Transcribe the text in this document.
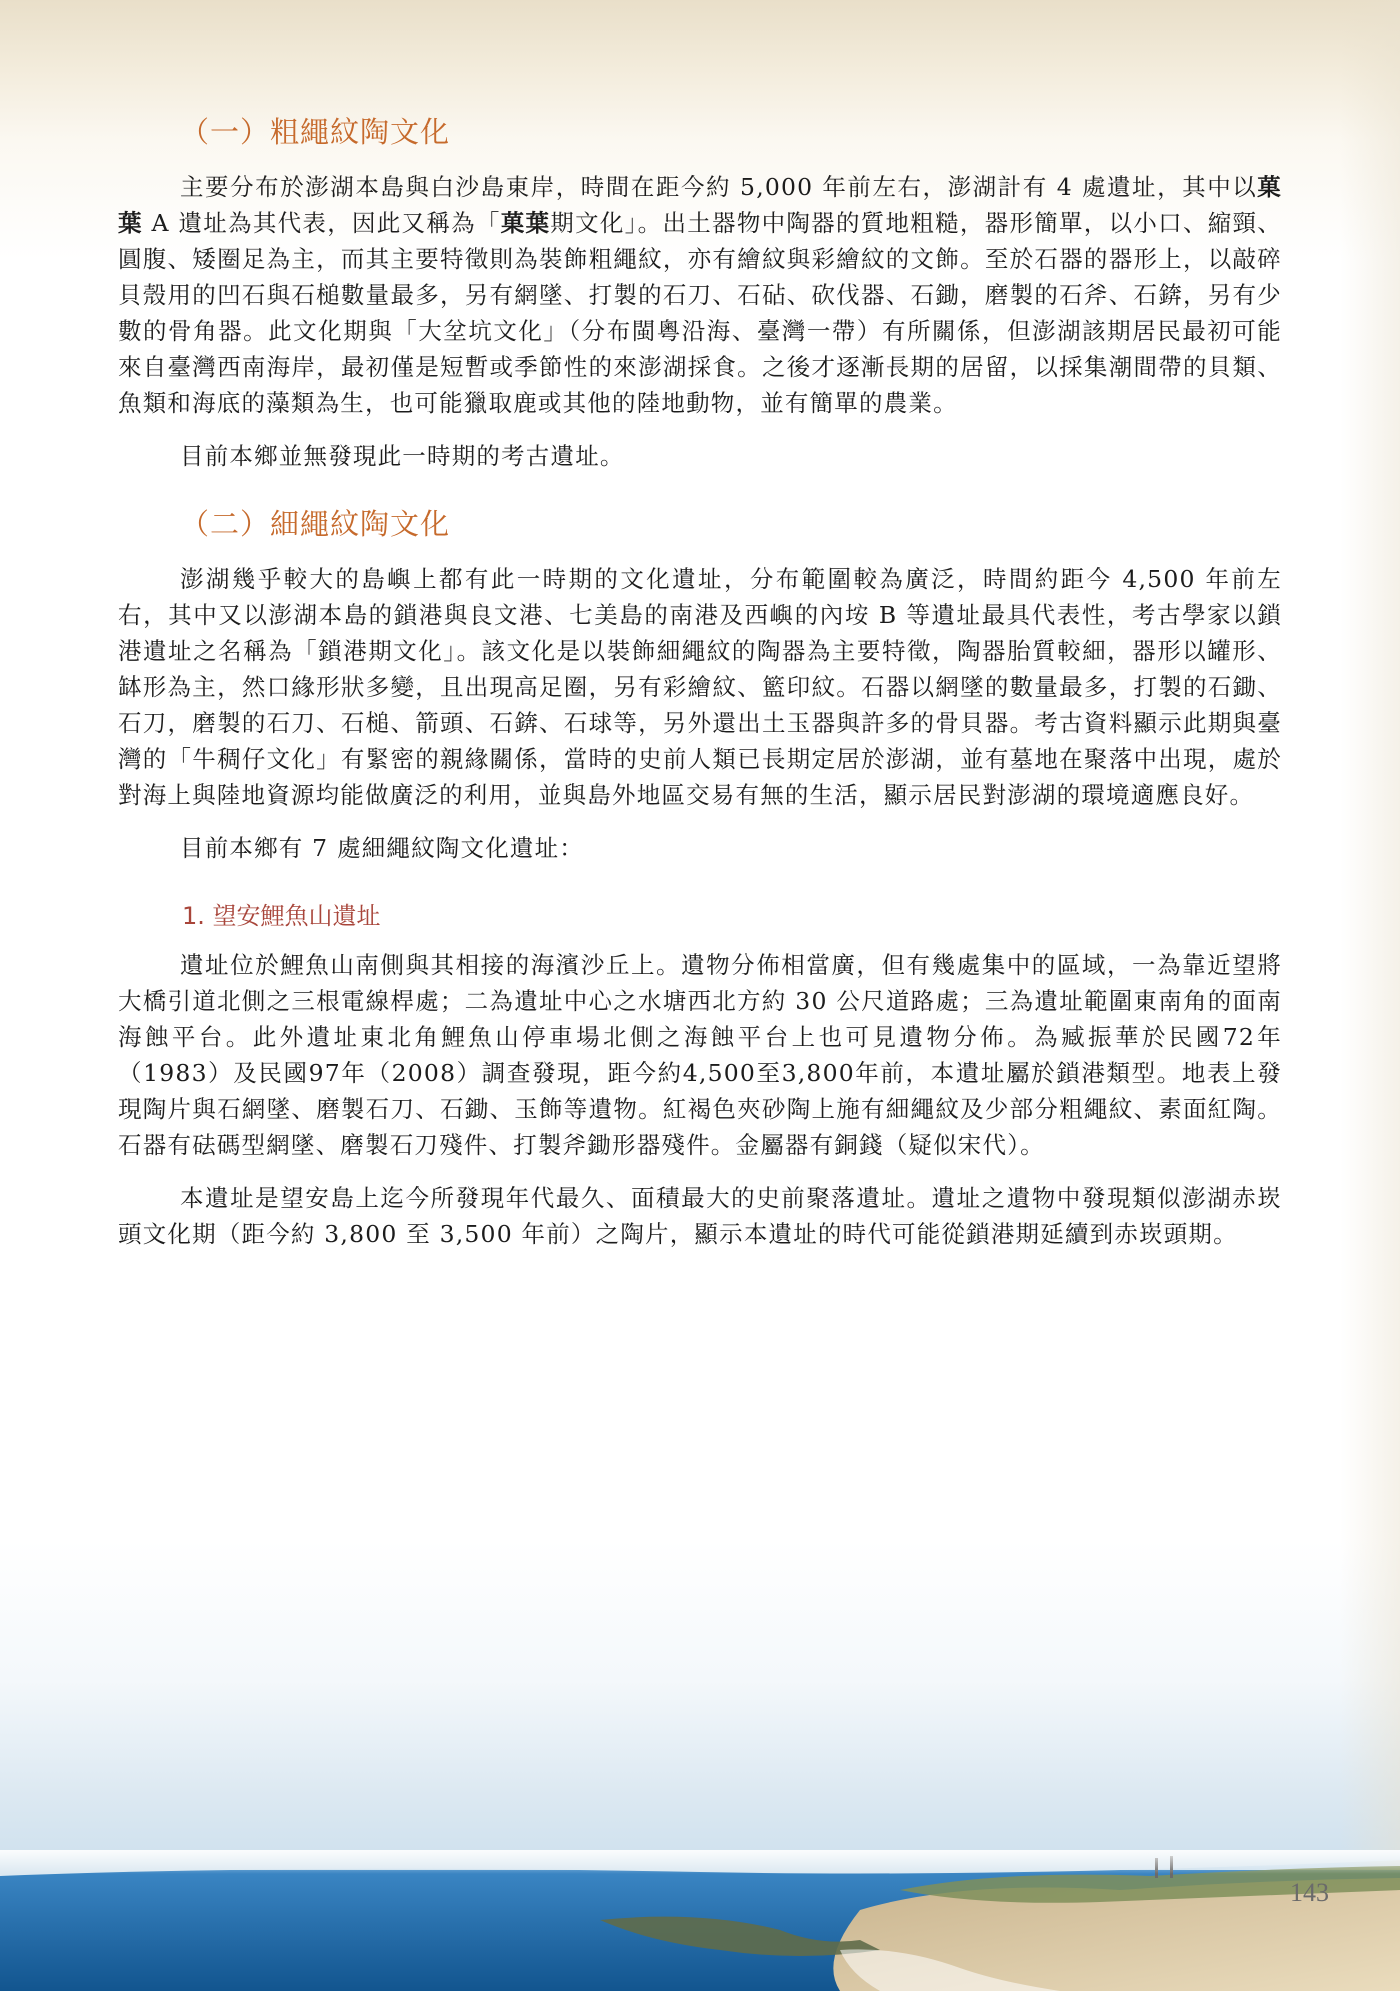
（一）粗繩紋陶文化

主要分布於澎湖本島與白沙島東岸，時間在距今約 5,000 年前左右，澎湖計有 4 處遺址，其中以菓葉 A 遺址為其代表，因此又稱為「菓葉期文化」。出土器物中陶器的質地粗糙，器形簡單，以小口、縮頸、圓腹、矮圈足為主，而其主要特徵則為裝飾粗繩紋，亦有繪紋與彩繪紋的文飾。至於石器的器形上，以敲碎貝殼用的凹石與石槌數量最多，另有網墜、打製的石刀、石砧、砍伐器、石鋤，磨製的石斧、石錛，另有少數的骨角器。此文化期與「大坌坑文化」（分布閩粵沿海、臺灣一帶）有所關係，但澎湖該期居民最初可能來自臺灣西南海岸，最初僅是短暫或季節性的來澎湖採食。之後才逐漸長期的居留，以採集潮間帶的貝類、魚類和海底的藻類為生，也可能獵取鹿或其他的陸地動物，並有簡單的農業。

目前本鄉並無發現此一時期的考古遺址。

（二）細繩紋陶文化

澎湖幾乎較大的島嶼上都有此一時期的文化遺址，分布範圍較為廣泛，時間約距今 4,500 年前左右，其中又以澎湖本島的鎖港與良文港、七美島的南港及西嶼的內垵 B 等遺址最具代表性，考古學家以鎖港遺址之名稱為「鎖港期文化」。該文化是以裝飾細繩紋的陶器為主要特徵，陶器胎質較細，器形以罐形、缽形為主，然口緣形狀多變，且出現高足圈，另有彩繪紋、籃印紋。石器以網墜的數量最多，打製的石鋤、石刀，磨製的石刀、石槌、箭頭、石錛、石球等，另外還出土玉器與許多的骨貝器。考古資料顯示此期與臺灣的「牛稠仔文化」有緊密的親緣關係，當時的史前人類已長期定居於澎湖，並有墓地在聚落中出現，處於對海上與陸地資源均能做廣泛的利用，並與島外地區交易有無的生活，顯示居民對澎湖的環境適應良好。

目前本鄉有 7 處細繩紋陶文化遺址：

1. 望安鯉魚山遺址

遺址位於鯉魚山南側與其相接的海濱沙丘上。遺物分佈相當廣，但有幾處集中的區域，一為靠近望將大橋引道北側之三根電線桿處；二為遺址中心之水塘西北方約 30 公尺道路處；三為遺址範圍東南角的面南海蝕平台。此外遺址東北角鯉魚山停車場北側之海蝕平台上也可見遺物分佈。為臧振華於民國72年（1983）及民國97年（2008）調查發現，距今約4,500至3,800年前，本遺址屬於鎖港類型。地表上發現陶片與石網墜、磨製石刀、石鋤、玉飾等遺物。紅褐色夾砂陶上施有細繩紋及少部分粗繩紋、素面紅陶。石器有砝碼型網墜、磨製石刀殘件、打製斧鋤形器殘件。金屬器有銅錢（疑似宋代）。

本遺址是望安島上迄今所發現年代最久、面積最大的史前聚落遺址。遺址之遺物中發現類似澎湖赤崁頭文化期（距今約 3,800 至 3,500 年前）之陶片，顯示本遺址的時代可能從鎖港期延續到赤崁頭期。

143
